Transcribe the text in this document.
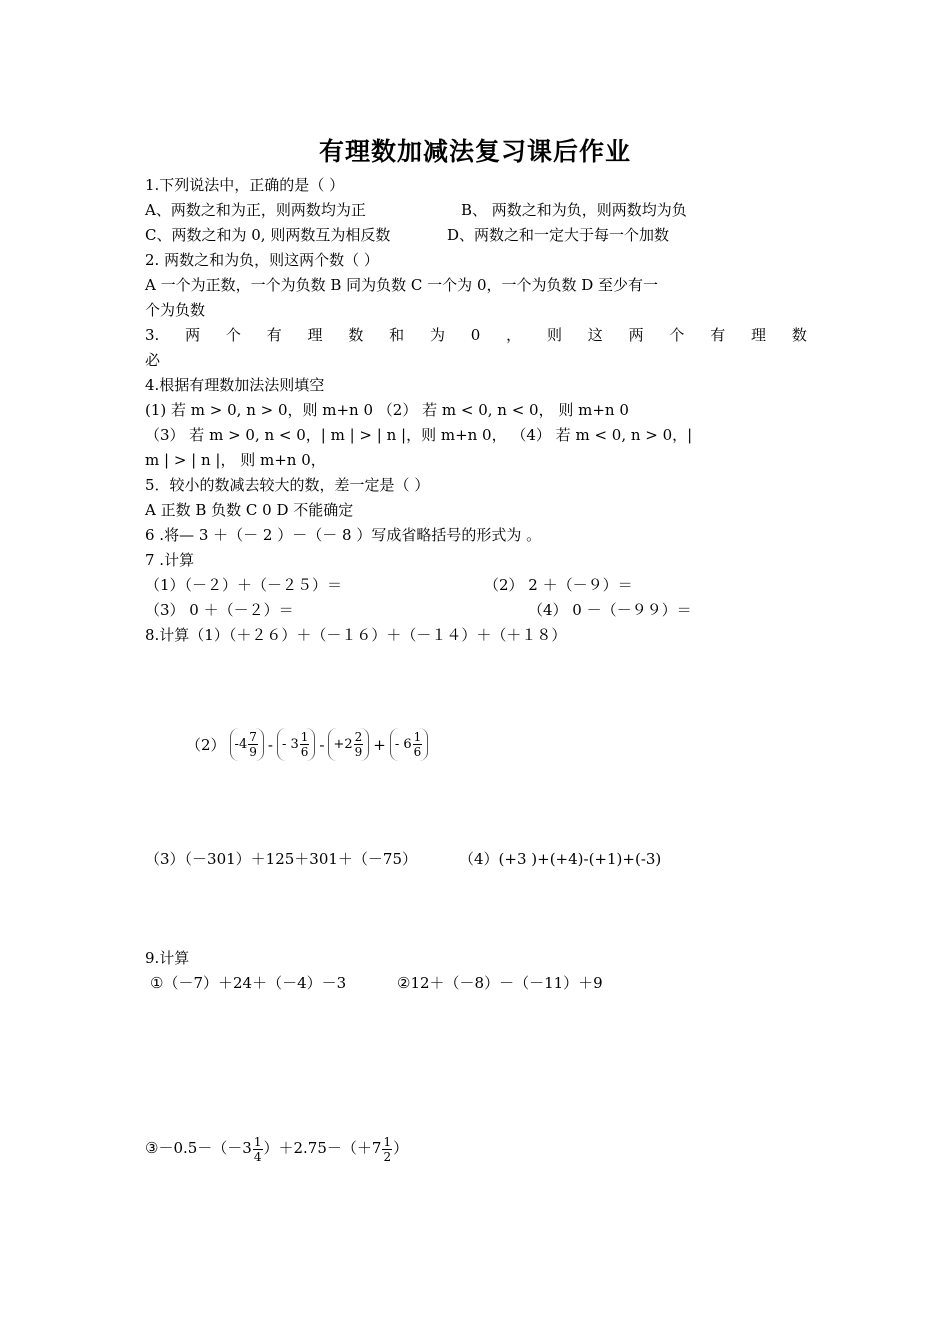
有理数加减法复习课后作业
1.下列说法中，正确的是（ ）
A、两数之和为正，则两数均为正	B、 两数之和为负，则两数均为负
C、两数之和为 0, 则两数互为相反数	D、两数之和一定大于每一个加数
2. 两数之和为负，则这两个数（ ）
A 一个为正数，一个为负数 B 同为负数 C 一个为 0，一个为负数 D 至少有一
个为负数
3. 两 个 有 理 数 和 为 0 ， 则 这 两 个 有 理 数
必
4.根据有理数加法法则填空
(1) 若 m > 0, n > 0，则 m+n 0 （2） 若 m < 0, n < 0， 则 m+n 0
（3） 若 m > 0, n < 0，| m | > | n |，则 m+n 0， （4） 若 m < 0, n > 0，|
m | > | n |， 则 m+n 0，
5．较小的数减去较大的数，差一定是（ ）
A 正数 B 负数 C 0 D 不能确定
6 .将— 3 ＋（－ 2 ）－（－ 8 ）写成省略括号的形式为 。
7 .计算
（1）（－２）＋（－２５）＝	（2） 2 ＋（－９）＝
（3） 0 ＋（－２）＝	（4） 0 －（－９９）＝
8.计算（1）（＋２６）＋（－１６）＋（－１４）＋（＋１８）
（2） $-4 \frac{7}{9}$ - - $3 \frac{1}{6} - +2 \frac{2}{9}$ + - $6 \frac{1}{6}$
（3）（－301）＋125＋301＋（－75）	（4）(+3 )+(+4)-(+1)+(-3)
9.计算
①（－7）＋24＋（－4）－3	②12＋（－8）－（－11）＋9
③－0.5－（－3 $\frac{1}{4} )+2.75-(+7 \frac{1}{2}$ ）
